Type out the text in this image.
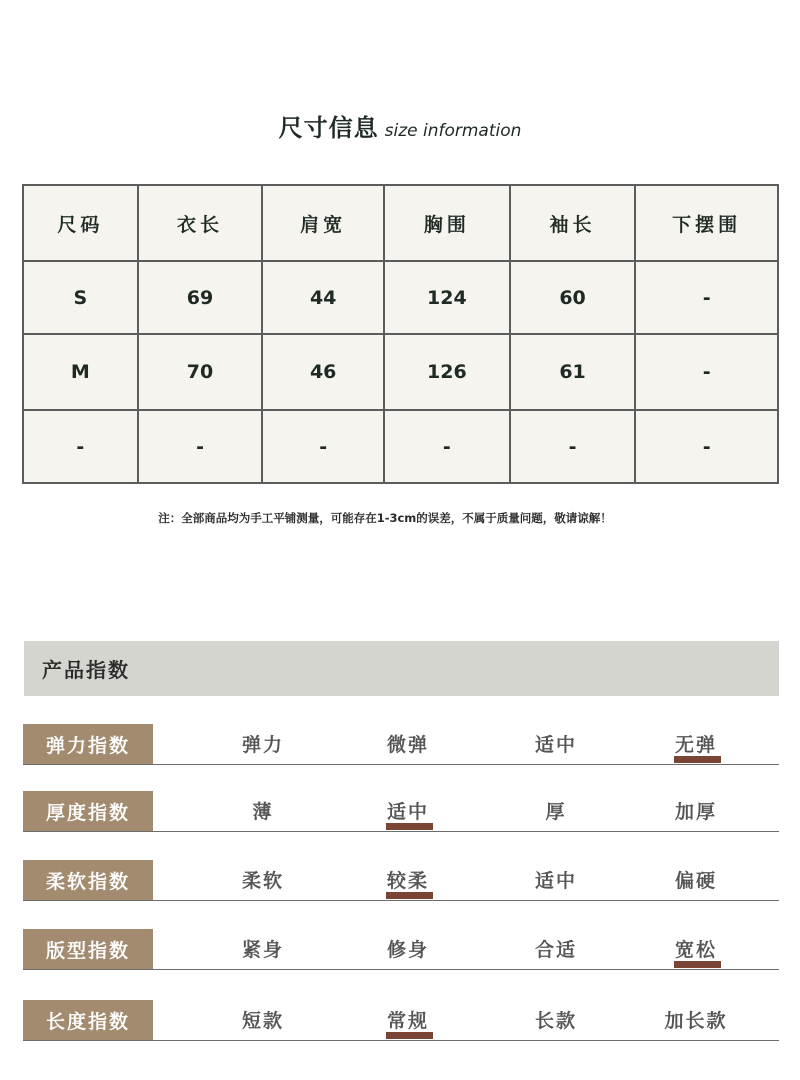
尺寸信息 size information
尺码	衣长	肩宽	胸围	袖长	下摆围
S	69	44	124	60	-
M	70	46	126	61	-
-	-	-	-	-	-
注：全部商品均为手工平铺测量，可能存在1-3cm的误差，不属于质量问题，敬请谅解！
产品指数
弹力指数	弹力	微弹	适中	无弹
厚度指数	薄	适中	厚	加厚
柔软指数	柔软	较柔	适中	偏硬
版型指数	紧身	修身	合适	宽松
长度指数	短款	常规	长款	加长款
